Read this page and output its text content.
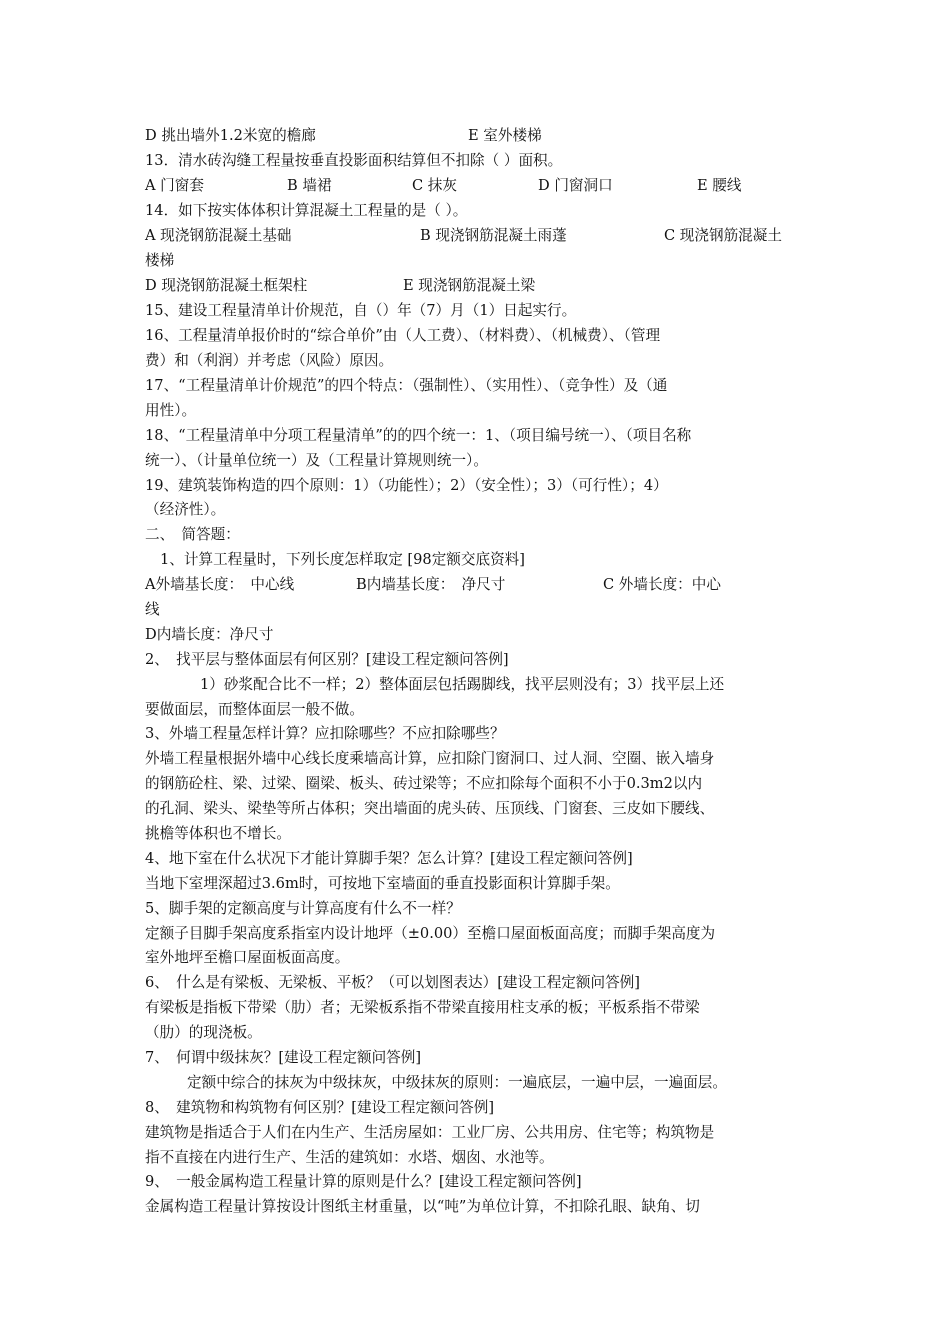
D 挑出墙外1.2米宽的檐廊	E 室外楼梯
13．清水砖沟缝工程量按垂直投影面积结算但不扣除（ ）面积。
A 门窗套	B 墙裙	C 抹灰	D 门窗洞口	E 腰线
14．如下按实体体积计算混凝土工程量的是（ ）。
A 现浇钢筋混凝土基础	B 现浇钢筋混凝土雨蓬	C 现浇钢筋混凝土
楼梯
D 现浇钢筋混凝土框架柱	E 现浇钢筋混凝土梁
15、建设工程量清单计价规范，自（）年（7）月（1）日起实行。
16、工程量清单报价时的“综合单价”由（人工费）、（材料费）、（机械费）、（管理
费）和（利润）并考虑（风险）原因。
17、“工程量清单计价规范”的四个特点：（强制性）、（实用性）、（竞争性）及（通
用性）。
18、“工程量清单中分项工程量清单”的的四个统一：1、（项目编号统一）、（项目名称
统一）、（计量单位统一）及（工程量计算规则统一）。
19、建筑装饰构造的四个原则：1）（功能性）；2）（安全性）；3）（可行性）；4）
（经济性）。
二、　简答题：
1、计算工程量时，下列长度怎样取定 [98定额交底资料]
A外墙基长度：　中心线	B内墙基长度：　净尺寸	C 外墙长度：中心
线
D内墙长度：净尺寸
2、　找平层与整体面层有何区别？[建设工程定额问答例]
1）砂浆配合比不一样；2）整体面层包括踢脚线，找平层则没有；3）找平层上还
要做面层，而整体面层一般不做。
3、外墙工程量怎样计算？应扣除哪些？不应扣除哪些？
外墙工程量根据外墙中心线长度乘墙高计算，应扣除门窗洞口、过人洞、空圈、嵌入墙身
的钢筋砼柱、梁、过梁、圈梁、板头、砖过梁等；不应扣除每个面积不小于0.3m2以内
的孔洞、梁头、梁垫等所占体积；突出墙面的虎头砖、压顶线、门窗套、三皮如下腰线、
挑檐等体积也不增长。
4、地下室在什么状况下才能计算脚手架？怎么计算？[建设工程定额问答例]
当地下室埋深超过3.6m时，可按地下室墙面的垂直投影面积计算脚手架。
5、脚手架的定额高度与计算高度有什么不一样？
定额子目脚手架高度系指室内设计地坪（±0.00）至檐口屋面板面高度；而脚手架高度为
室外地坪至檐口屋面板面高度。
6、　什么是有梁板、无梁板、平板？（可以划图表达）[建设工程定额问答例]
有梁板是指板下带梁（肋）者；无梁板系指不带梁直接用柱支承的板；平板系指不带梁
（肋）的现浇板。
7、　何谓中级抹灰？[建设工程定额问答例]
定额中综合的抹灰为中级抹灰，中级抹灰的原则：一遍底层，一遍中层，一遍面层。
8、　建筑物和构筑物有何区别？[建设工程定额问答例]
建筑物是指适合于人们在内生产、生活房屋如：工业厂房、公共用房、住宅等；构筑物是
指不直接在内进行生产、生活的建筑如：水塔、烟囱、水池等。
9、　一般金属构造工程量计算的原则是什么？[建设工程定额问答例]
金属构造工程量计算按设计图纸主材重量，以“吨”为单位计算，不扣除孔眼、缺角、切
